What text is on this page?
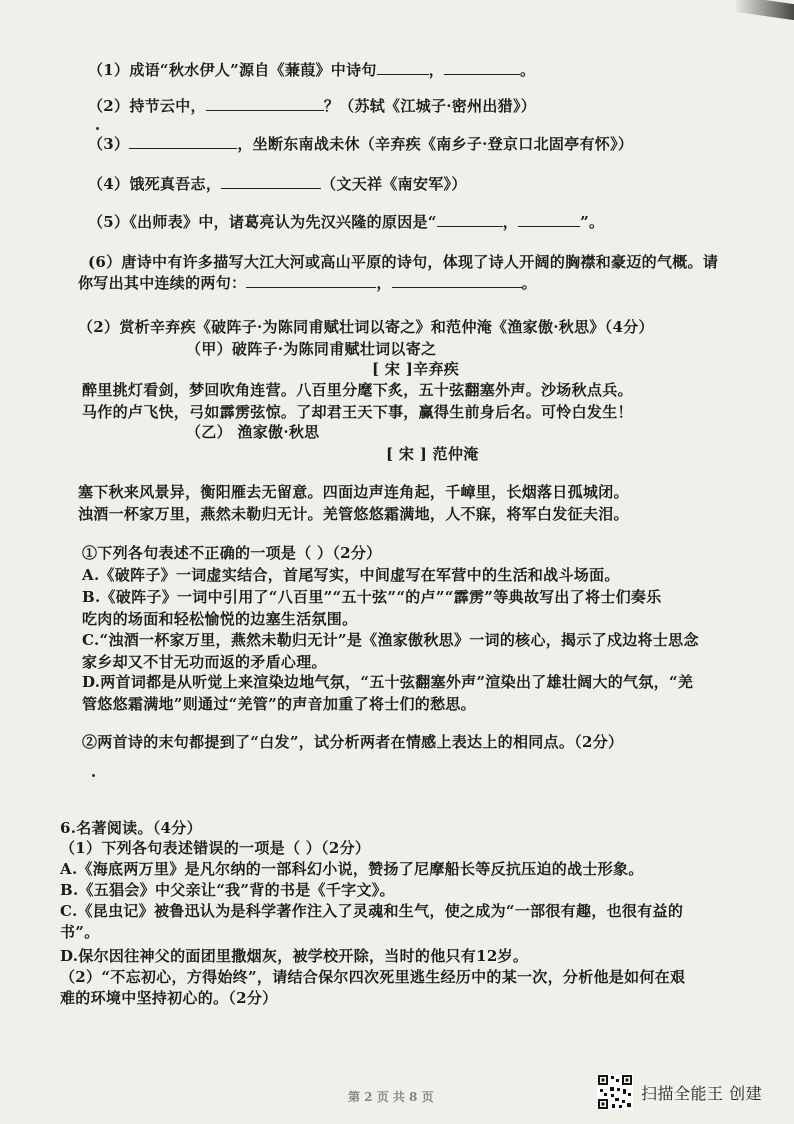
（1）成语“秋水伊人”源自《蒹葭》中诗句	，	。
（2）持节云中，	？（苏轼《江城子·密州出猎》）
（3）	，坐断东南战未休（辛弃疾《南乡子·登京口北固亭有怀》）
（4）饿死真吾志，	（文天祥《南安军》）
（5）《出师表》中，诸葛亮认为先汉兴隆的原因是“	，	”。
(6）唐诗中有许多描写大江大河或高山平原的诗句，体现了诗人开阔的胸襟和豪迈的气概。请
你写出其中连续的两句：	，	。
（2）赏析辛弃疾《破阵子·为陈同甫赋壮词以寄之》和范仲淹《渔家傲·秋思》（4分）
（甲）破阵子·为陈同甫赋壮词以寄之
[ 宋 ]辛弃疾
醉里挑灯看剑，梦回吹角连营。八百里分麾下炙，五十弦翻塞外声。沙场秋点兵。
马作的卢飞快，弓如霹雳弦惊。了却君王天下事，赢得生前身后名。可怜白发生！
（乙） 渔家傲·秋思
[ 宋 ] 范仲淹
塞下秋来风景异，衡阳雁去无留意。四面边声连角起，千嶂里，长烟落日孤城闭。
浊酒一杯家万里，燕然未勒归无计。羌管悠悠霜满地，人不寐，将军白发征夫泪。
①下列各句表述不正确的一项是（ ）（2分）
A.《破阵子》一词虚实结合，首尾写实，中间虚写在军营中的生活和战斗场面。
B.《破阵子》一词中引用了“八百里”“五十弦”“的卢”“霹雳”等典故写出了将士们奏乐
吃肉的场面和轻松愉悦的边塞生活氛围。
C.“浊酒一杯家万里，燕然未勒归无计”是《渔家傲秋思》一词的核心，揭示了戍边将士思念
家乡却又不甘无功而返的矛盾心理。
D.两首词都是从听觉上来渲染边地气氛，“五十弦翻塞外声”渲染出了雄壮阔大的气氛，“羌
管悠悠霜满地”则通过“羌管”的声音加重了将士们的愁思。
②两首诗的末句都提到了“白发”，试分析两者在情感上表达上的相同点。（2分）
6.名著阅读。（4分）
（1）下列各句表述错误的一项是（ ）（2分）
A.《海底两万里》是凡尔纳的一部科幻小说，赞扬了尼摩船长等反抗压迫的战士形象。
B.《五猖会》中父亲让“我”背的书是《千字文》。
C.《昆虫记》被鲁迅认为是科学著作注入了灵魂和生气，使之成为“一部很有趣，也很有益的
书”。
D.保尔因往神父的面团里撒烟灰，被学校开除，当时的他只有12岁。
（2）“不忘初心，方得始终”，请结合保尔四次死里逃生经历中的某一次，分析他是如何在艰
难的环境中坚持初心的。（2分）
第 2 页 共 8 页	扫描全能王 创建
